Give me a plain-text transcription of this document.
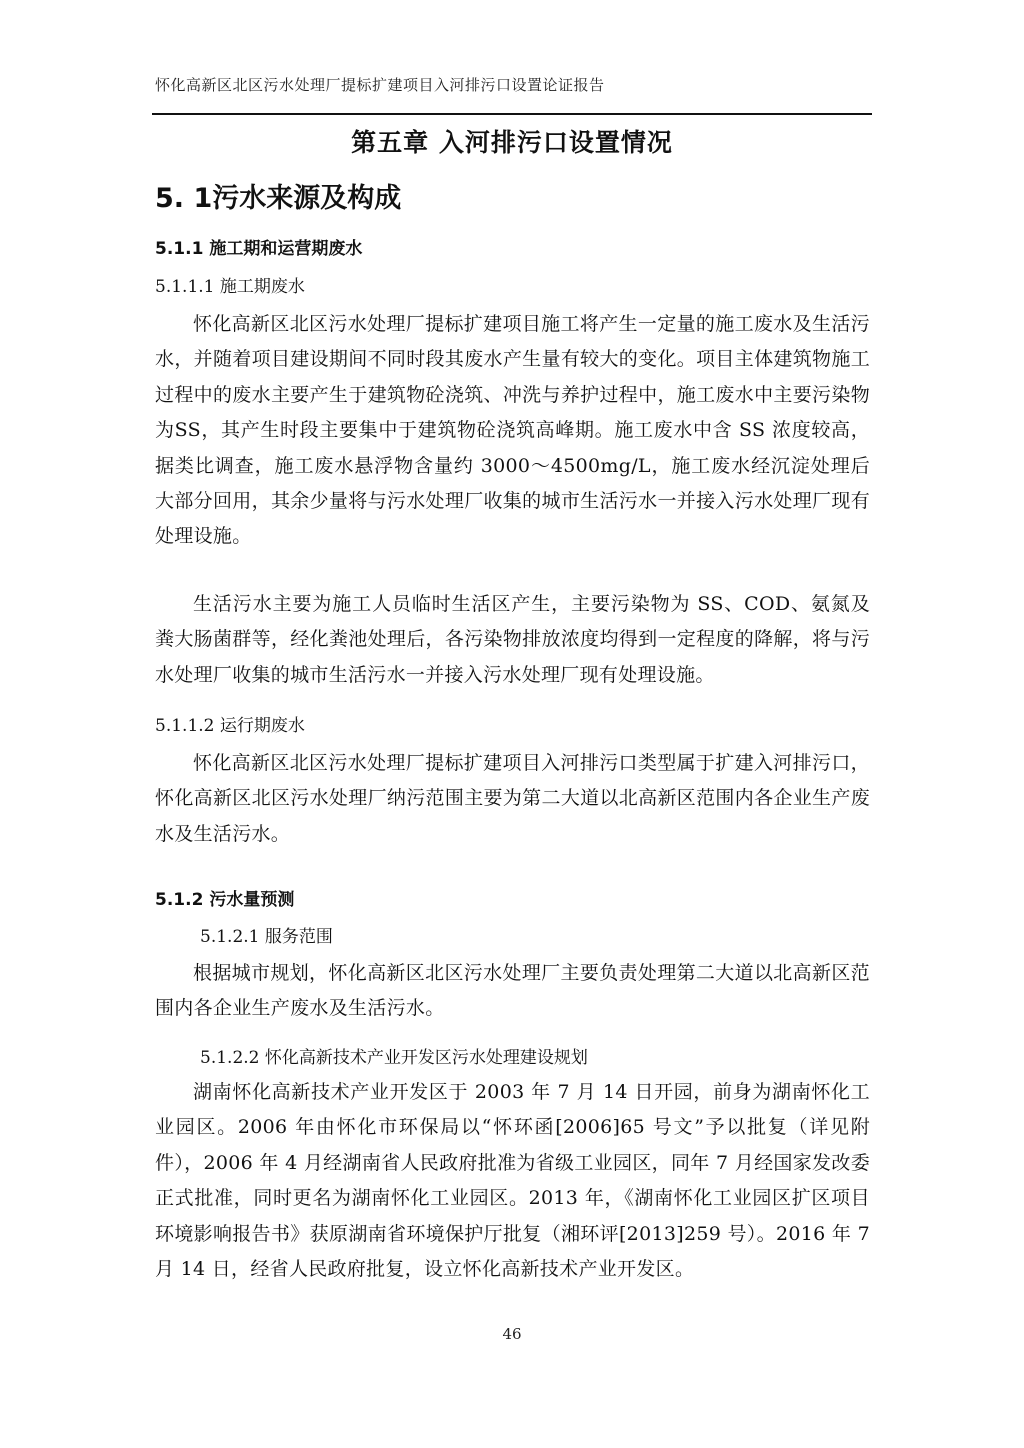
怀化高新区北区污水处理厂提标扩建项目入河排污口设置论证报告
第五章 入河排污口设置情况
5. 1污水来源及构成
5.1.1 施工期和运营期废水
5.1.1.1 施工期废水
怀化高新区北区污水处理厂提标扩建项目施工将产生一定量的施工废水及生活污水，并随着项目建设期间不同时段其废水产生量有较大的变化。项目主体建筑物施工过程中的废水主要产生于建筑物砼浇筑、冲洗与养护过程中，施工废水中主要污染物为SS，其产生时段主要集中于建筑物砼浇筑高峰期。施工废水中含 SS 浓度较高，据类比调查，施工废水悬浮物含量约 3000～4500mg/L，施工废水经沉淀处理后大部分回用，其余少量将与污水处理厂收集的城市生活污水一并接入污水处理厂现有处理设施。
生活污水主要为施工人员临时生活区产生，主要污染物为 SS、COD、氨氮及粪大肠菌群等，经化粪池处理后，各污染物排放浓度均得到一定程度的降解，将与污水处理厂收集的城市生活污水一并接入污水处理厂现有处理设施。
5.1.1.2 运行期废水
怀化高新区北区污水处理厂提标扩建项目入河排污口类型属于扩建入河排污口，怀化高新区北区污水处理厂纳污范围主要为第二大道以北高新区范围内各企业生产废水及生活污水。
5.1.2 污水量预测
5.1.2.1 服务范围
根据城市规划，怀化高新区北区污水处理厂主要负责处理第二大道以北高新区范围内各企业生产废水及生活污水。
5.1.2.2 怀化高新技术产业开发区污水处理建设规划
湖南怀化高新技术产业开发区于 2003 年 7 月 14 日开园，前身为湖南怀化工业园区。2006 年由怀化市环保局以“怀环函[2006]65 号文”予以批复（详见附件），2006 年 4 月经湖南省人民政府批准为省级工业园区，同年 7 月经国家发改委正式批准，同时更名为湖南怀化工业园区。2013 年，《湖南怀化工业园区扩区项目环境影响报告书》获原湖南省环境保护厅批复（湘环评[2013]259 号）。2016 年 7 月 14 日，经省人民政府批复，设立怀化高新技术产业开发区。
46
